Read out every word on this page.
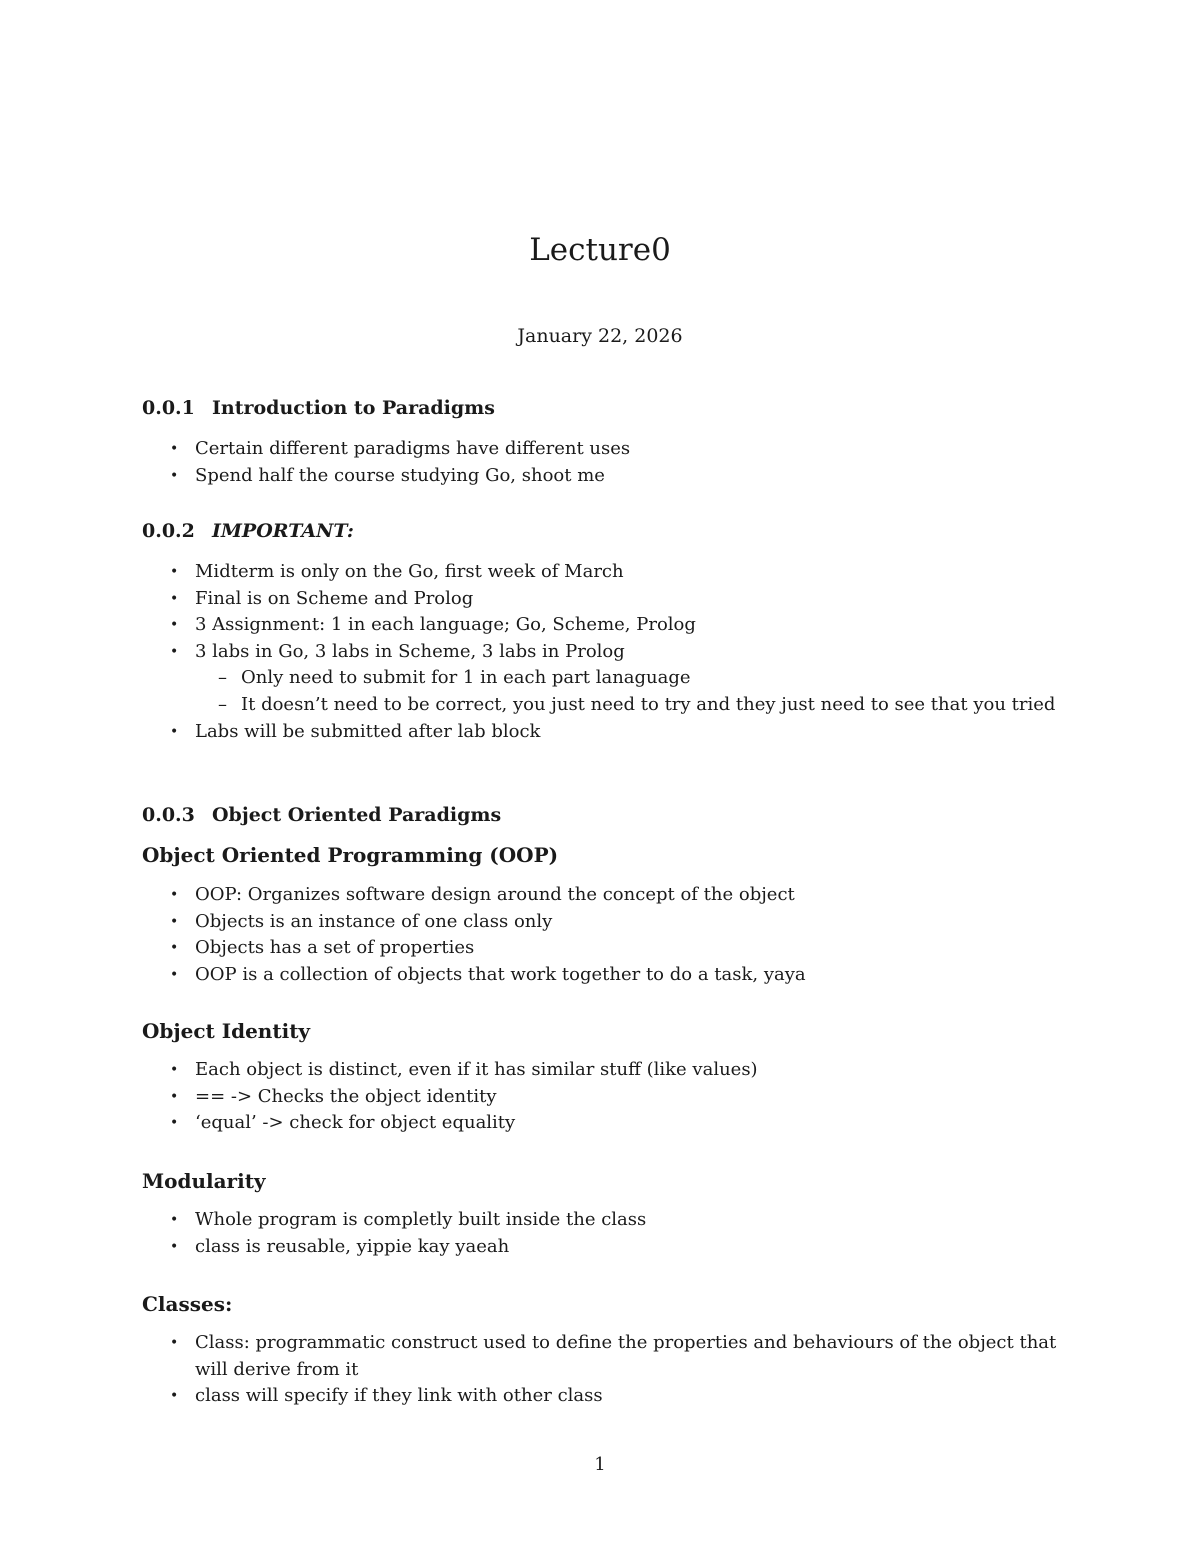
Lecture0
January 22, 2026
0.0.1 Introduction to Paradigms
• Certain different paradigms have different uses
• Spend half the course studying Go, shoot me
0.0.2 IMPORTANT:
• Midterm is only on the Go, first week of March
• Final is on Scheme and Prolog
• 3 Assignment: 1 in each language; Go, Scheme, Prolog
• 3 labs in Go, 3 labs in Scheme, 3 labs in Prolog
– Only need to submit for 1 in each part lanaguage
– It doesn’t need to be correct, you just need to try and they just need to see that you tried
• Labs will be submitted after lab block
0.0.3 Object Oriented Paradigms
Object Oriented Programming (OOP)
• OOP: Organizes software design around the concept of the object
• Objects is an instance of one class only
• Objects has a set of properties
• OOP is a collection of objects that work together to do a task, yaya
Object Identity
• Each object is distinct, even if it has similar stuff (like values)
• == -> Checks the object identity
• ‘equal’ -> check for object equality
Modularity
• Whole program is completly built inside the class
• class is reusable, yippie kay yaeah
Classes:
• Class: programmatic construct used to define the properties and behaviours of the object that will derive from it
• class will specify if they link with other class
1
